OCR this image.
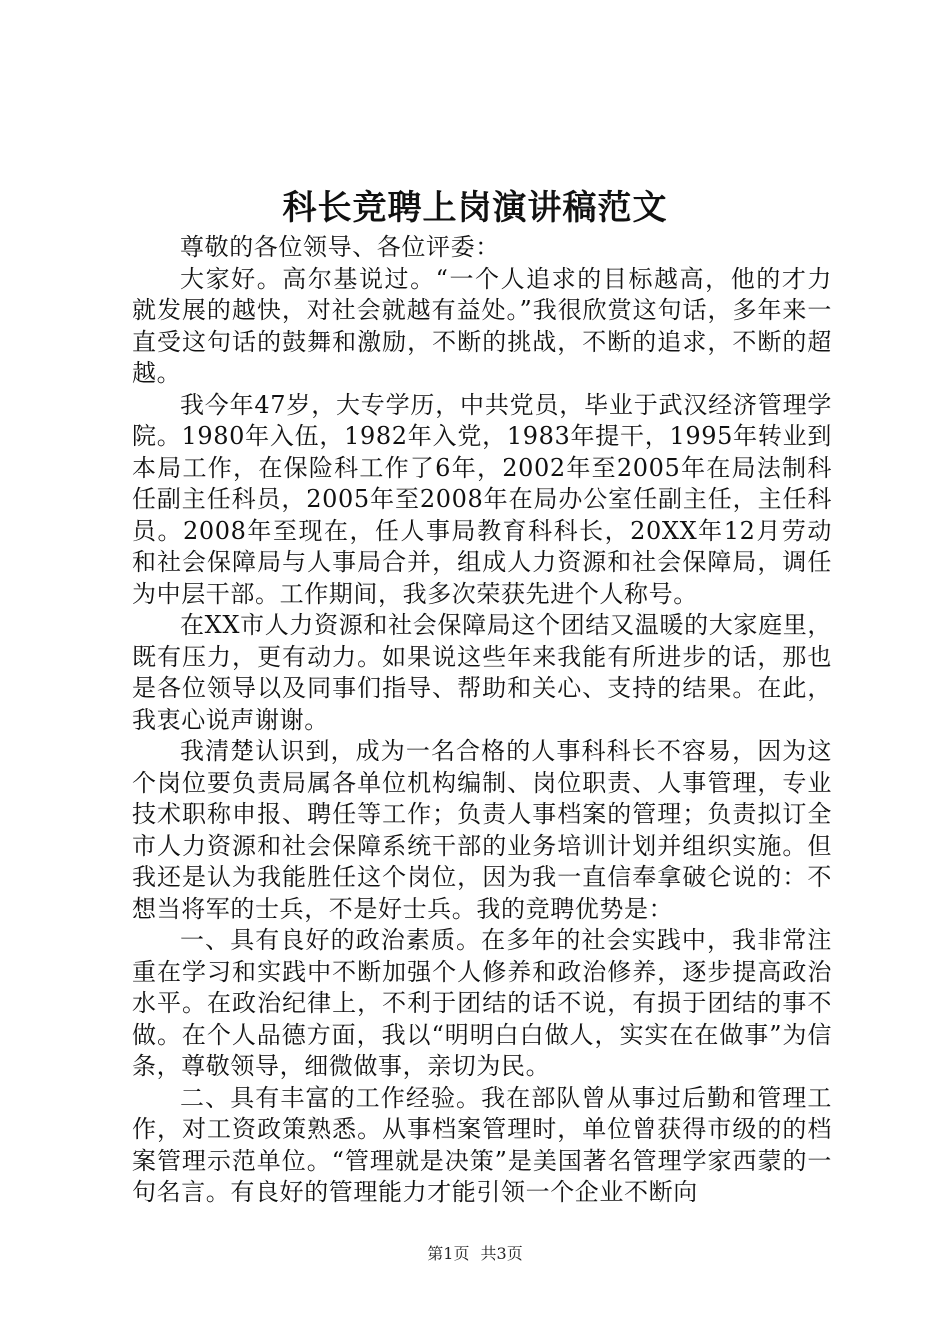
科长竞聘上岗演讲稿范文

尊敬的各位领导、各位评委：

大家好。高尔基说过。“一个人追求的目标越高，他的才力就发展的越快，对社会就越有益处。”我很欣赏这句话，多年来一直受这句话的鼓舞和激励，不断的挑战，不断的追求，不断的超越。

我今年47岁，大专学历，中共党员，毕业于武汉经济管理学院。1980年入伍，1982年入党，1983年提干，1995年转业到本局工作，在保险科工作了6年，2002年至2005年在局法制科任副主任科员，2005年至2008年在局办公室任副主任，主任科员。2008年至现在，任人事局教育科科长，20XX年12月劳动和社会保障局与人事局合并，组成人力资源和社会保障局，调任为中层干部。工作期间，我多次荣获先进个人称号。

在XX市人力资源和社会保障局这个团结又温暖的大家庭里，既有压力，更有动力。如果说这些年来我能有所进步的话，那也是各位领导以及同事们指导、帮助和关心、支持的结果。在此，我衷心说声谢谢。

我清楚认识到，成为一名合格的人事科科长不容易，因为这个岗位要负责局属各单位机构编制、岗位职责、人事管理，专业技术职称申报、聘任等工作；负责人事档案的管理；负责拟订全市人力资源和社会保障系统干部的业务培训计划并组织实施。但我还是认为我能胜任这个岗位，因为我一直信奉拿破仑说的：不想当将军的士兵，不是好士兵。我的竞聘优势是：

一、具有良好的政治素质。在多年的社会实践中，我非常注重在学习和实践中不断加强个人修养和政治修养，逐步提高政治水平。在政治纪律上，不利于团结的话不说，有损于团结的事不做。在个人品德方面，我以“明明白白做人，实实在在做事”为信条，尊敬领导，细微做事，亲切为民。

二、具有丰富的工作经验。我在部队曾从事过后勤和管理工作，对工资政策熟悉。从事档案管理时，单位曾获得市级的的档案管理示范单位。“管理就是决策”是美国著名管理学家西蒙的一句名言。有良好的管理能力才能引领一个企业不断向

第1页 共3页
